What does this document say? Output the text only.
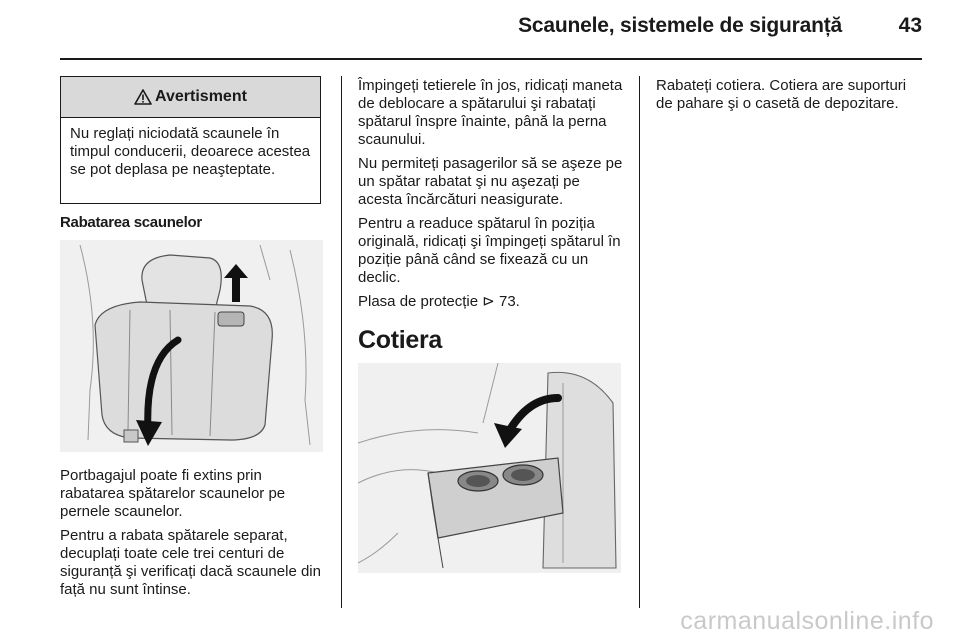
Scaunele, sistemele de siguranță	43
Avertisment
Nu reglați niciodată scaunele în timpul conducerii, deoarece acestea se pot deplasa pe neaşteptate.
Rabatarea scaunelor

Portbagajul poate fi extins prin rabatarea spătarelor scaunelor pe pernele scaunelor.

Pentru a rabata spătarele separat, decuplați toate cele trei centuri de siguranță şi verificați dacă scaunele din față nu sunt întinse.

Împingeți tetierele în jos, ridicați maneta de deblocare a spătarului şi rabatați spătarul înspre înainte, până la perna scaunului.

Nu permiteți pasagerilor să se aşeze pe un spătar rabatat şi nu aşezați pe acesta încărcături neasigurate.

Pentru a readuce spătarul în poziția originală, ridicați şi împingeți spătarul în poziție până când se fixează cu un declic.

Plasa de protecție ⊳ 73.

Cotiera

Rabateți cotiera. Cotiera are suporturi de pahare şi o casetă de depozitare.

carmanualsonline.info
